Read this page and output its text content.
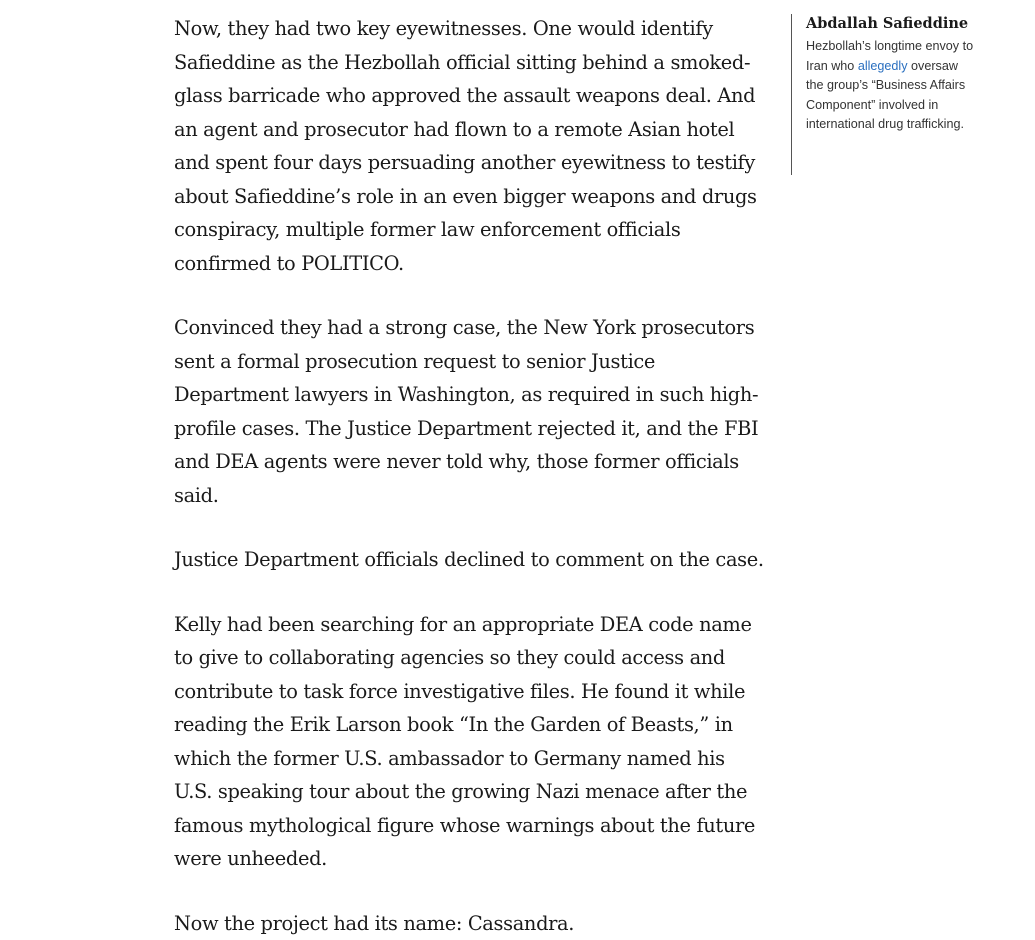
Now, they had two key eyewitnesses. One would identify Safieddine as the Hezbollah official sitting behind a smoked-glass barricade who approved the assault weapons deal. And an agent and prosecutor had flown to a remote Asian hotel and spent four days persuading another eyewitness to testify about Safieddine’s role in an even bigger weapons and drugs conspiracy, multiple former law enforcement officials confirmed to POLITICO.

Convinced they had a strong case, the New York prosecutors sent a formal prosecution request to senior Justice Department lawyers in Washington, as required in such high-profile cases. The Justice Department rejected it, and the FBI and DEA agents were never told why, those former officials said.

Justice Department officials declined to comment on the case.

Kelly had been searching for an appropriate DEA code name to give to collaborating agencies so they could access and contribute to task force investigative files. He found it while reading the Erik Larson book “In the Garden of Beasts,” in which the former U.S. ambassador to Germany named his U.S. speaking tour about the growing Nazi menace after the famous mythological figure whose warnings about the future were unheeded.

Now the project had its name: Cassandra.

Abdallah Safieddine

Hezbollah’s longtime envoy to Iran who allegedly oversaw the group’s “Business Affairs Component” involved in international drug trafficking.
